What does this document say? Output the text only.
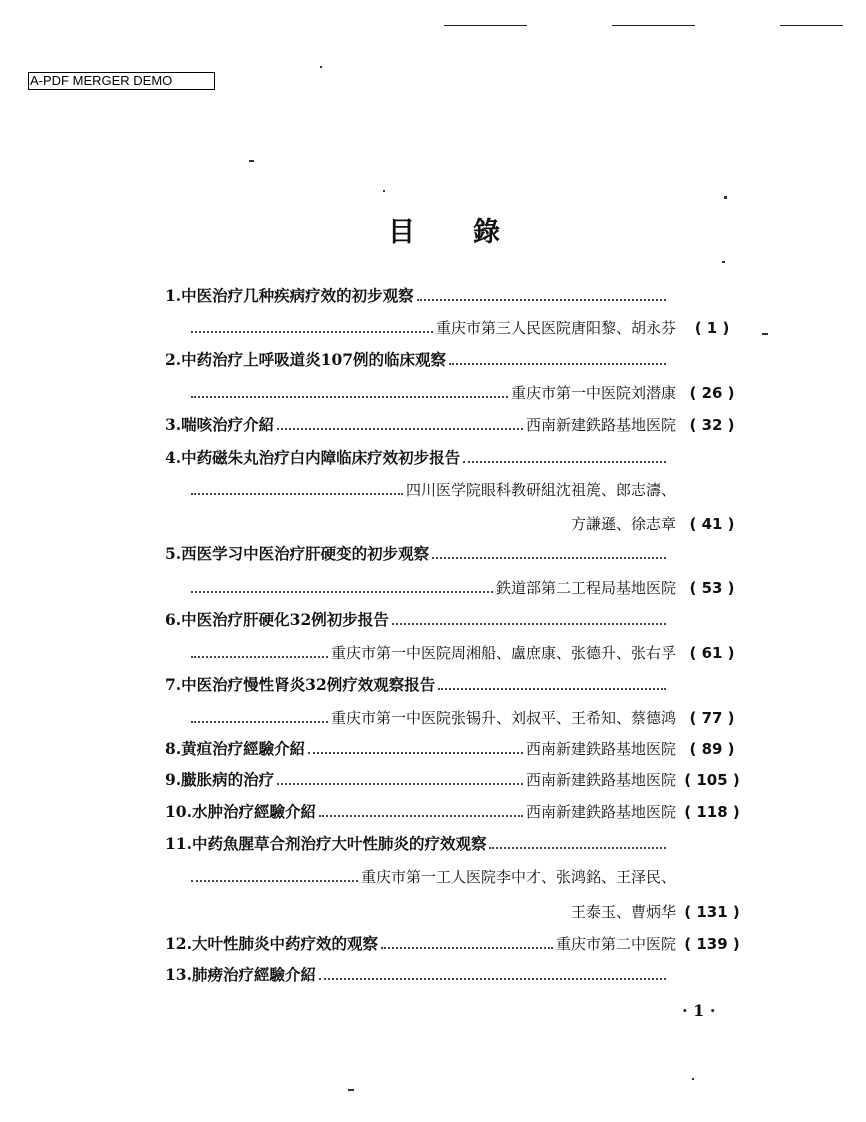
A-PDF MERGER DEMO
目錄
1.中医治疗几种疾病疗效的初步观察
重庆市第三人民医院唐阳黎、胡永芬	( 1 )
2.中药治疗上呼吸道炎107例的临床观察
重庆市第一中医院刘潜康 ( 26 )
3.喘咳治疗介紹	西南新建鉄路基地医院 ( 32 )
4.中药磁朱丸治疗白内障临床疗效初步报告
四川医学院眼科教研組沈祖箎、郎志濤、
方謙遜、徐志章 ( 41 )
5.西医学习中医治疗肝硬变的初步观察
鉄道部第二工程局基地医院 ( 53 )
6.中医治疗肝硬化32例初步报告
重庆市第一中医院周湘船、盧庶康、张德升、张右孚 ( 61 )
7.中医治疗慢性肾炎32例疗效观察报告
重庆市第一中医院张锡升、刘叔平、王希知、蔡德鸿 ( 77 )
8.黄疸治疗經驗介紹	西南新建鉄路基地医院 ( 89 )
9.臌胀病的治疗	西南新建鉄路基地医院 ( 105 )
10.水肿治疗經驗介紹	西南新建鉄路基地医院 ( 118 )
11.中药魚腥草合剂治疗大叶性肺炎的疗效观察
重庆市第一工人医院李中才、张鸿銘、王泽民、
王泰玉、曹炳华 ( 131 )
12.大叶性肺炎中药疗效的观察	重庆市第二中医院 ( 139 )
13.肺痨治疗經驗介紹
· 1 ·
